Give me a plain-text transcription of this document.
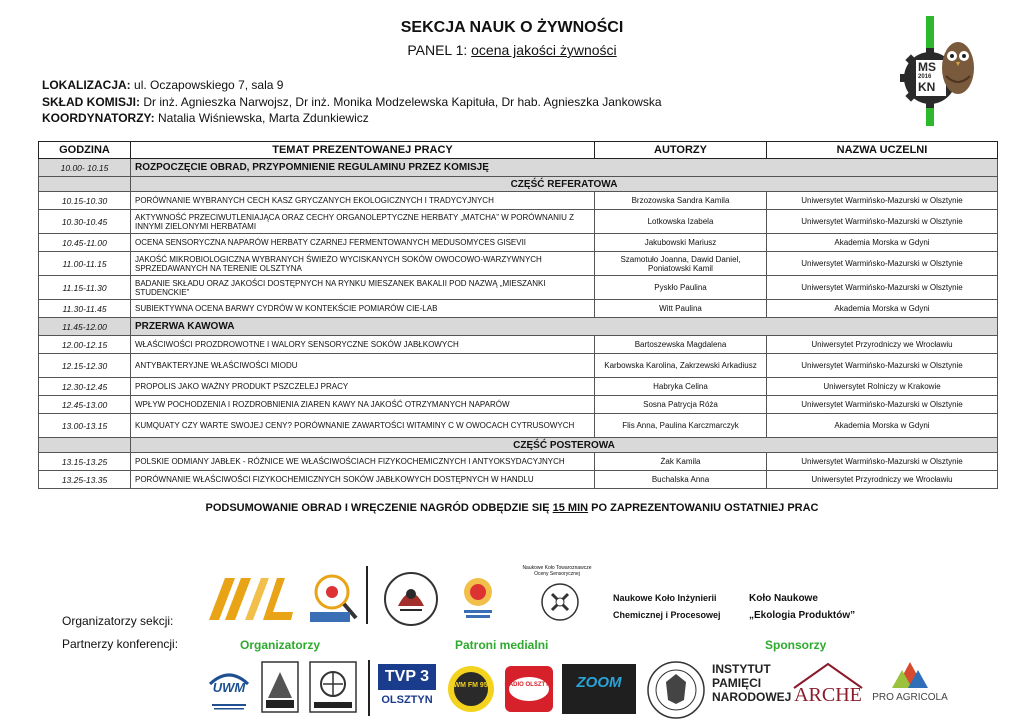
SEKCJA NAUK O ŻYWNOŚCI
PANEL 1: ocena jakości żywności
LOKALIZACJA: ul. Oczapowskiego 7, sala 9
SKŁAD KOMISJI: Dr inż. Agnieszka Narwojsz, Dr inż. Monika Modzelewska Kapituła, Dr hab. Agnieszka Jankowska
KOORDYNATORZY: Natalia Wiśniewska, Marta Zdunkiewicz
MS
2016
KN
GODZINA	TEMAT PREZENTOWANEJ PRACY	AUTORZY	NAZWA UCZELNI
10.00- 10.15	ROZPOCZĘCIE OBRAD, PRZYPOMNIENIE REGULAMINU PRZEZ KOMISJĘ		
	CZĘŚĆ REFERATOWA		
10.15-10.30	PORÓWNANIE WYBRANYCH CECH KASZ GRYCZANYCH EKOLOGICZNYCH I TRADYCYJNYCH	Brzozowska Sandra Kamila	Uniwersytet Warmińsko-Mazurski w Olsztynie
10.30-10.45	AKTYWNOŚĆ PRZECIWUTLENIAJĄCA ORAZ CECHY ORGANOLEPTYCZNE HERBATY „MATCHA” W PORÓWNANIU Z INNYMI ZIELONYMI HERBATAMI	Lotkowska Izabela	Uniwersytet Warmińsko-Mazurski w Olsztynie
10.45-11.00	OCENA SENSORYCZNA NAPARÓW HERBATY CZARNEJ FERMENTOWANYCH MEDUSOMYCES GISEVII	Jakubowski Mariusz	Akademia Morska w Gdyni
11.00-11.15	JAKOŚĆ MIKROBIOLOGICZNA WYBRANYCH ŚWIEŻO WYCISKANYCH SOKÓW OWOCOWO-WARZYWNYCH SPRZEDAWANYCH NA TERENIE OLSZTYNA	Szamotuło Joanna, Dawid Daniel, Poniatowski Kamil	Uniwersytet Warmińsko-Mazurski w Olsztynie
11.15-11.30	BADANIE SKŁADU ORAZ JAKOŚCI DOSTĘPNYCH NA RYNKU MIESZANEK BAKALII POD NAZWĄ „MIESZANKI STUDENCKIE”	Pyskło Paulina	Uniwersytet Warmińsko-Mazurski w Olsztynie
11.30-11.45	SUBIEKTYWNA OCENA BARWY CYDRÓW W KONTEKŚCIE POMIARÓW CIE-LAB	Witt Paulina	Akademia Morska w Gdyni
11.45-12.00	PRZERWA KAWOWA		
12.00-12.15	WŁAŚCIWOŚCI PROZDROWOTNE I WALORY SENSORYCZNE SOKÓW JABŁKOWYCH	Bartoszewska Magdalena	Uniwersytet Przyrodniczy we Wrocławiu
12.15-12.30	ANTYBAKTERYJNE WŁAŚCIWOŚCI MIODU	Karbowska Karolina, Zakrzewski Arkadiusz	Uniwersytet Warmińsko-Mazurski w Olsztynie
12.30-12.45	PROPOLIS JAKO WAŻNY PRODUKT PSZCZELEJ PRACY	Habryka Celina	Uniwersytet Rolniczy w Krakowie
12.45-13.00	WPŁYW POCHODZENIA I ROZDROBNIENIA ZIAREN KAWY NA JAKOŚĆ OTRZYMANYCH NAPARÓW	Sosna Patrycja Róża	Uniwersytet Warmińsko-Mazurski w Olsztynie
13.00-13.15	KUMQUATY CZY WARTE SWOJEJ CENY? PORÓWNANIE ZAWARTOŚCI WITAMINY C W OWOCACH CYTRUSOWYCH	Flis Anna, Paulina Karczmarczyk	Akademia Morska w Gdyni
	CZĘŚĆ POSTEROWA		
13.15-13.25	POLSKIE ODMIANY JABŁEK - RÓŻNICE WE WŁAŚCIWOŚCIACH FIZYKOCHEMICZNYCH I ANTYOKSYDACYJNYCH	Żak Kamila	Uniwersytet Warmińsko-Mazurski w Olsztynie
13.25-13.35	PORÓWNANIE WŁAŚCIWOŚCI FIZYKOCHEMICZNYCH SOKÓW JABŁKOWYCH DOSTĘPNYCH W HANDLU	Buchalska Anna	Uniwersytet Przyrodniczy we Wrocławiu
PODSUMOWANIE OBRAD I WRĘCZENIE NAGRÓD ODBĘDZIE SIĘ 15 MIN PO ZAPREZENTOWANIU OSTATNIEJ PRAC
Organizatorzy sekcji:
Partnerzy konferencji:	Organizatorzy	Patroni medialni	Sponsorzy
Naukowe Koło Towaroznawcze Oceny Sensorycznej
Naukowe Koło Inżynierii
Chemicznej i Procesowej
Koło Naukowe
„Ekologia Produktów”
UWM
TVP 3
OLSZTYN
UWM FM 95.9	RADIO OLSZTYN	ZOOM
INSTYTUT
PAMIĘCI
NARODOWEJ ARCHE	PRO AGRICOLA
